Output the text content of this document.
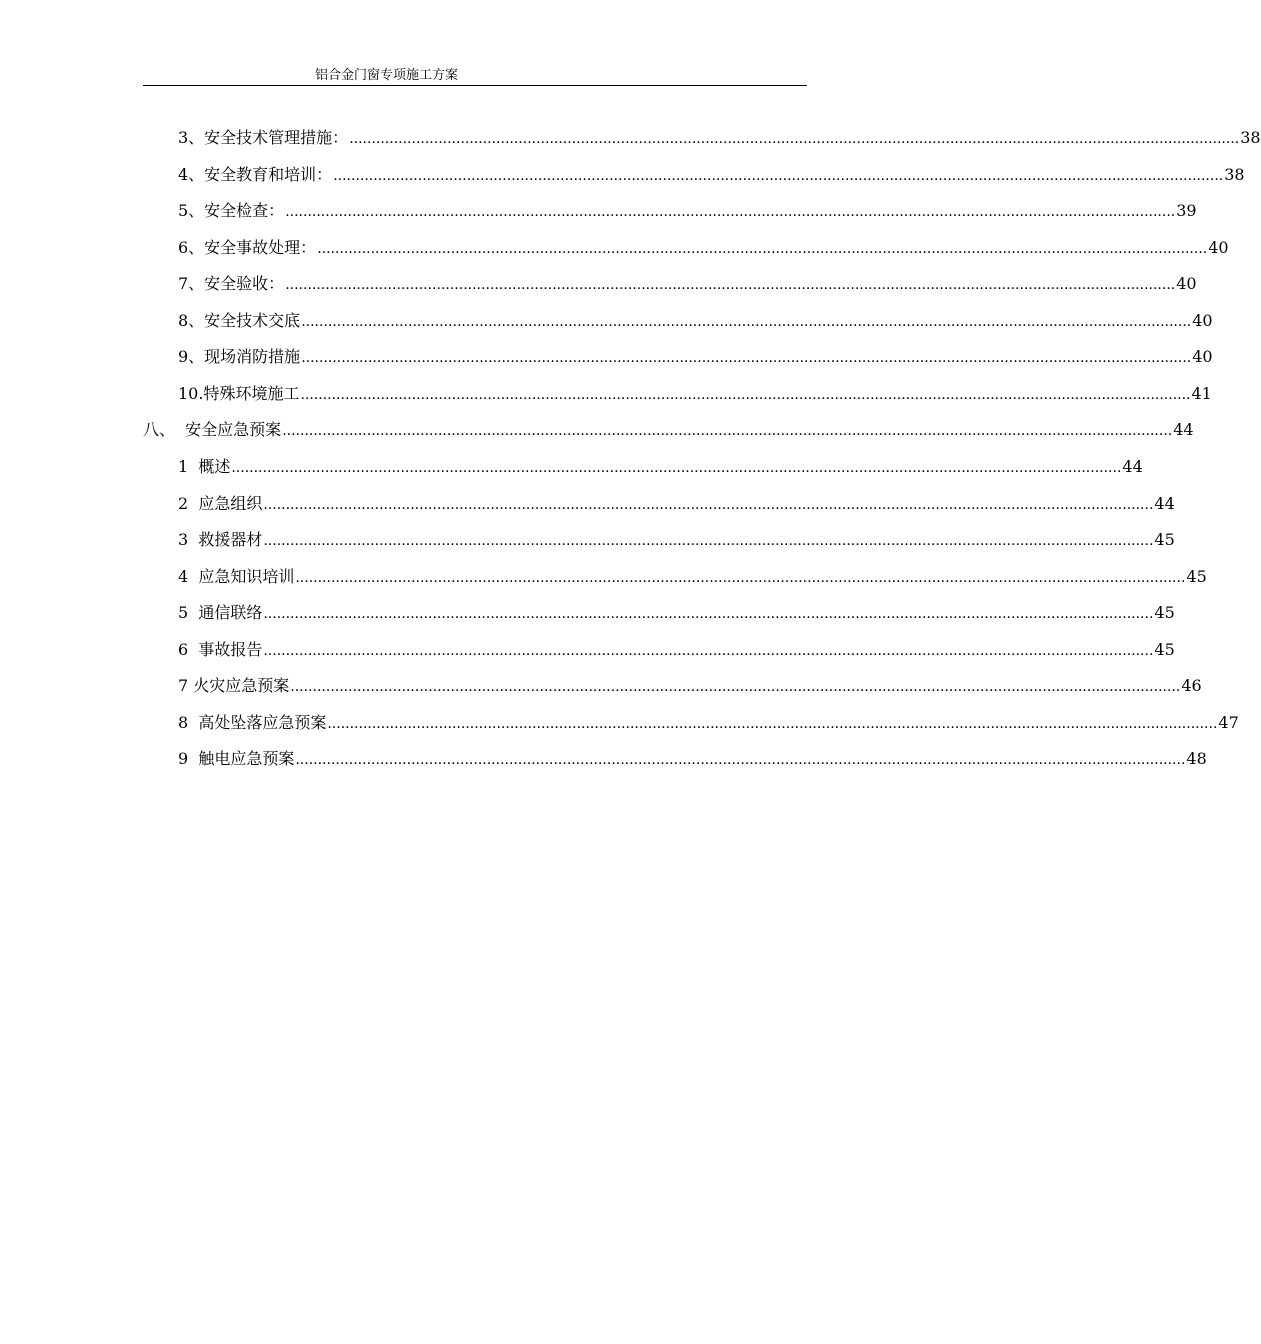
铝合金门窗专项施工方案
3、安全技术管理措施： ........................................................................................................................................................................................................ 38
4、安全教育和培训： ........................................................................................................................................................................................................ 38
5、安全检查： ........................................................................................................................................................................................................ 39
6、安全事故处理： ........................................................................................................................................................................................................ 40
7、安全验收： ........................................................................................................................................................................................................ 40
8、安全技术交底 ........................................................................................................................................................................................................ 40
9、现场消防措施 ........................................................................................................................................................................................................ 40
10.特殊环境施工 ........................................................................................................................................................................................................ 41
八、  安全应急预案 ........................................................................................................................................................................................................ 44
1  概述 ........................................................................................................................................................................................................ 44
2  应急组织 ........................................................................................................................................................................................................ 44
3  救援器材 ........................................................................................................................................................................................................ 45
4  应急知识培训 ........................................................................................................................................................................................................ 45
5  通信联络 ........................................................................................................................................................................................................ 45
6  事故报告 ........................................................................................................................................................................................................ 45
7 火灾应急预案 ........................................................................................................................................................................................................ 46
8  高处坠落应急预案 ........................................................................................................................................................................................................ 47
9  触电应急预案 ........................................................................................................................................................................................................ 48
